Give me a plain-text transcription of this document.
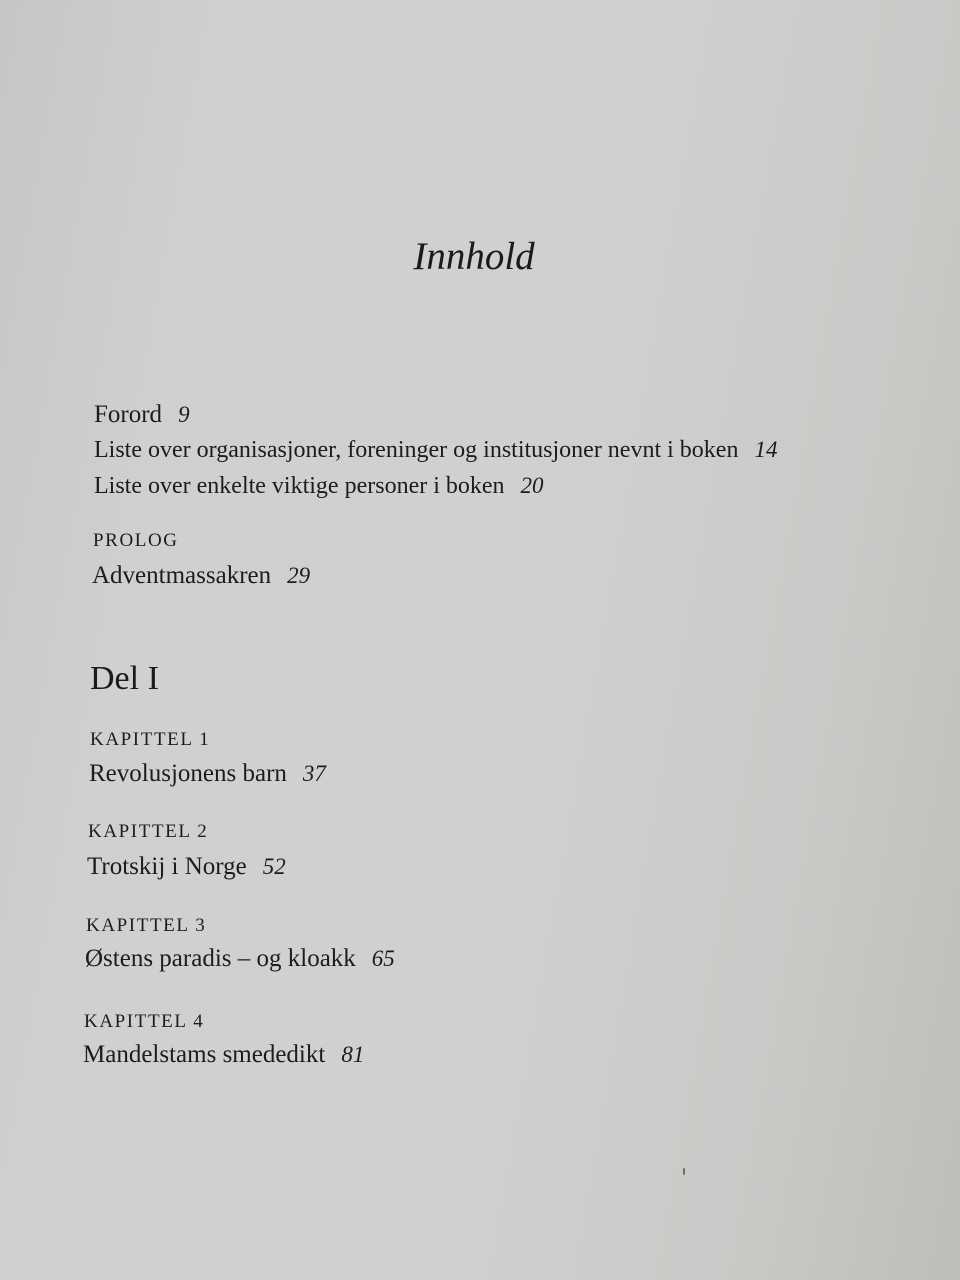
Innhold
Forord 9
Liste over organisasjoner, foreninger og institusjoner nevnt i boken 14
Liste over enkelte viktige personer i boken 20
PROLOG
Adventmassakren 29
Del I
KAPITTEL 1
Revolusjonens barn 37
KAPITTEL 2
Trotskij i Norge 52
KAPITTEL 3
Østens paradis – og kloakk 65
KAPITTEL 4
Mandelstams smededikt 81
